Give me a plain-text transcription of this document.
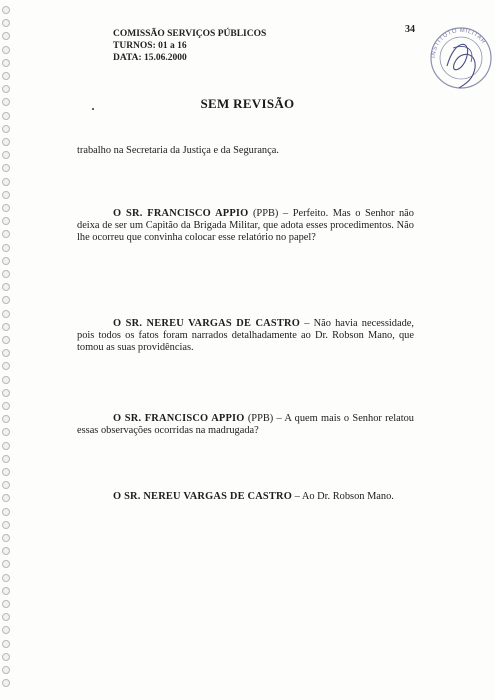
COMISSÃO SERVIÇOS PÚBLICOS
TURNOS: 01 a 16
DATA: 15.06.2000
34
INSTITUTO MILITAR
SEM REVISÃO
trabalho na Secretaria da Justiça e da Segurança.
O SR. FRANCISCO APPIO (PPB) – Perfeito. Mas o Senhor não deixa de ser um Capitão da Brigada Militar, que adota esses procedimentos. Não lhe ocorreu que convinha colocar esse relatório no papel?
O SR. NEREU VARGAS DE CASTRO – Não havia necessidade, pois todos os fatos foram narrados detalhadamente ao Dr. Robson Mano, que tomou as suas providências.
O SR. FRANCISCO APPIO (PPB) – A quem mais o Senhor relatou essas observações ocorridas na madrugada?
O SR. NEREU VARGAS DE CASTRO – Ao Dr. Robson Mano.
